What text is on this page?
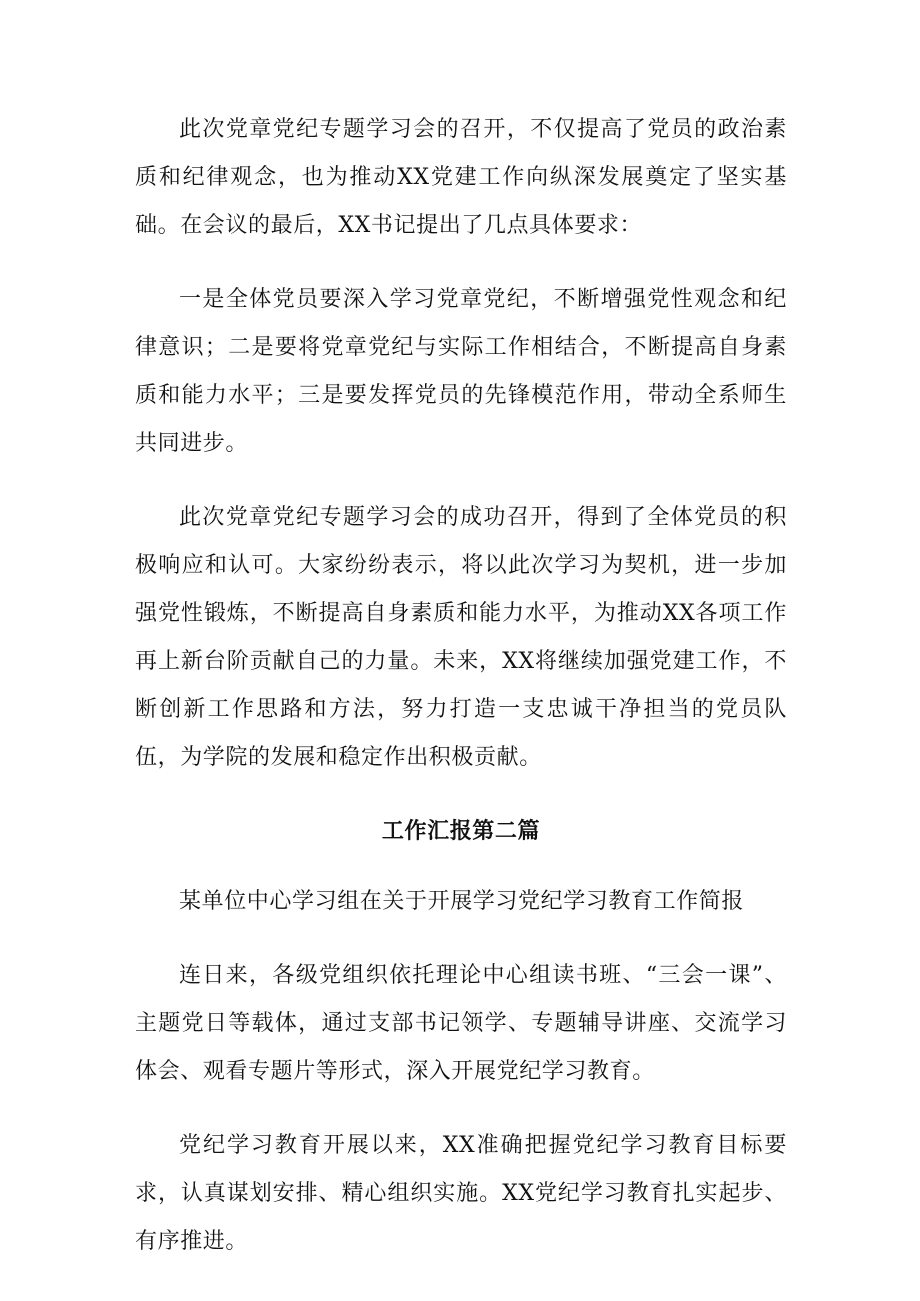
此次党章党纪专题学习会的召开，不仅提高了党员的政治素质和纪律观念，也为推动XX党建工作向纵深发展奠定了坚实基础。在会议的最后，XX书记提出了几点具体要求：

一是全体党员要深入学习党章党纪，不断增强党性观念和纪律意识；二是要将党章党纪与实际工作相结合，不断提高自身素质和能力水平；三是要发挥党员的先锋模范作用，带动全系师生共同进步。

此次党章党纪专题学习会的成功召开，得到了全体党员的积极响应和认可。大家纷纷表示，将以此次学习为契机，进一步加强党性锻炼，不断提高自身素质和能力水平，为推动XX各项工作再上新台阶贡献自己的力量。未来，XX将继续加强党建工作，不断创新工作思路和方法，努力打造一支忠诚干净担当的党员队伍，为学院的发展和稳定作出积极贡献。

工作汇报第二篇

某单位中心学习组在关于开展学习党纪学习教育工作简报

连日来，各级党组织依托理论中心组读书班、“三会一课”、主题党日等载体，通过支部书记领学、专题辅导讲座、交流学习体会、观看专题片等形式，深入开展党纪学习教育。

党纪学习教育开展以来，XX准确把握党纪学习教育目标要求，认真谋划安排、精心组织实施。XX党纪学习教育扎实起步、有序推进。
